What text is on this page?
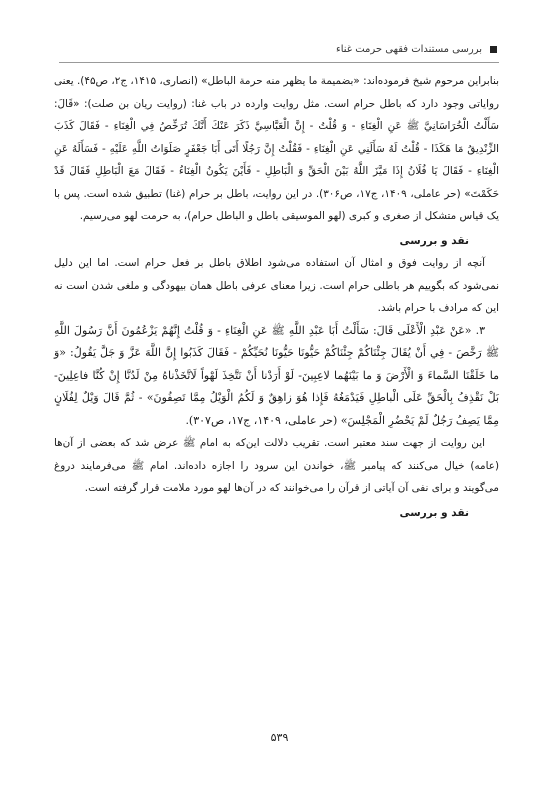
بررسی مستندات فقهی حرمت غناء

بنابراین مرحوم شیخ فرموده‌اند: «بضمیمة ما یظهر منه حرمة الباطل» (انصاری، ۱۴۱۵، ج۲، ص۴۵). یعنی روایاتی وجود دارد که باطل حرام است. مثل روایت وارده در باب غنا: (روایت ریان بن صلت): «قَالَ: سَأَلْتُ الْخُرَاسَانِيَّ ﷺ عَنِ الْغِنَاءِ - وَ قُلْتُ - إِنَّ الْعَبَّاسِيَّ ذَكَرَ عَنْكَ أَنَّكَ تُرَخِّصُ فِي الْغِنَاءِ - فَقَالَ كَذَبَ الزِّنْدِيقُ مَا هَكَذَا - قُلْتُ لَهُ سَأَلَنِي عَنِ الْغِنَاءِ - فَقُلْتُ إِنَّ رَجُلًا أَتَى أَبَا جَعْفَرٍ صَلَوَاتُ اللَّهِ عَلَيْهِ - فَسَأَلَهُ عَنِ الْغِنَاءِ - فَقَالَ يَا فُلَانُ إِذَا مَيَّزَ اللَّهُ بَيْنَ الْحَقِّ وَ الْبَاطِلِ - فَأَيْنَ يَكُونُ الْغِنَاءُ - فَقَالَ مَعَ الْبَاطِلِ فَقَالَ قَدْ حَكَمْتَ» (حر عاملی، ۱۴۰۹، ج۱۷، ص۳۰۶). در این روایت، باطل بر حرام (غنا) تطبیق شده است. پس با یک قیاس متشکل از صغری و کبری (لهو الموسیقی باطل و الباطل حرام)، به حرمت لهو می‌رسیم.

نقد و بررسی

آنچه از روایت فوق و امثال آن استفاده می‌شود اطلاق باطل بر فعل حرام است. اما این دلیل نمی‌شود که بگوییم هر باطلی حرام است. زیرا معنای عرفی باطل همان بیهودگی و ملغی شدن است نه این که مرادف با حرام باشد.

۳. «عَنْ عَبْدِ الْأَعْلَى قَالَ: سَأَلْتُ أَبَا عَبْدِ اللَّهِ ﷺ عَنِ الْغِنَاءِ - وَ قُلْتُ إِنَّهُمْ يَزْعُمُونَ أَنَّ رَسُولَ اللَّهِ ﷺ رَخَّصَ - فِي أَنْ يُقَالَ جِئْنَاكُمْ جِئْنَاكُمْ حَيُّونَا حَيُّونَا نُحَيِّكُمْ - فَقَالَ كَذَبُوا إِنَّ اللَّهَ عَزَّ وَ جَلَّ يَقُولُ: «وَ ما خَلَقْنَا السَّماءَ وَ الْأَرْضَ وَ ما بَيْنَهُما لاعِبِينَ- لَوْ أَرَدْنا أَنْ نَتَّخِذَ لَهْواً لَاتَّخَذْناهُ مِنْ لَدُنَّا إِنْ كُنَّا فاعِلِينَ- بَلْ نَقْذِفُ بِالْحَقِّ عَلَى الْباطِلِ فَيَدْمَغُهُ فَإِذا هُوَ زاهِقٌ وَ لَكُمُ الْوَيْلُ مِمَّا تَصِفُونَ» - ثُمَّ قَالَ وَيْلٌ لِفُلَانٍ مِمَّا يَصِفُ رَجُلٌ لَمْ يَحْضُرِ الْمَجْلِسَ» (حر عاملی، ۱۴۰۹، ج۱۷، ص۳۰۷).

این روایت از جهت سند معتبر است. تقریب دلالت این‌که به امام ﷺ عرض شد که بعضی از آن‌ها (عامه) خیال می‌کنند که پیامبر ﷺ، خواندن این سرود را اجازه داده‌اند. امام ﷺ می‌فرمایند دروغ می‌گویند و برای نفی آن آیاتی از قرآن را می‌خوانند که در آن‌ها لهو مورد ملامت قرار گرفته است.

نقد و بررسی

۵۳۹
